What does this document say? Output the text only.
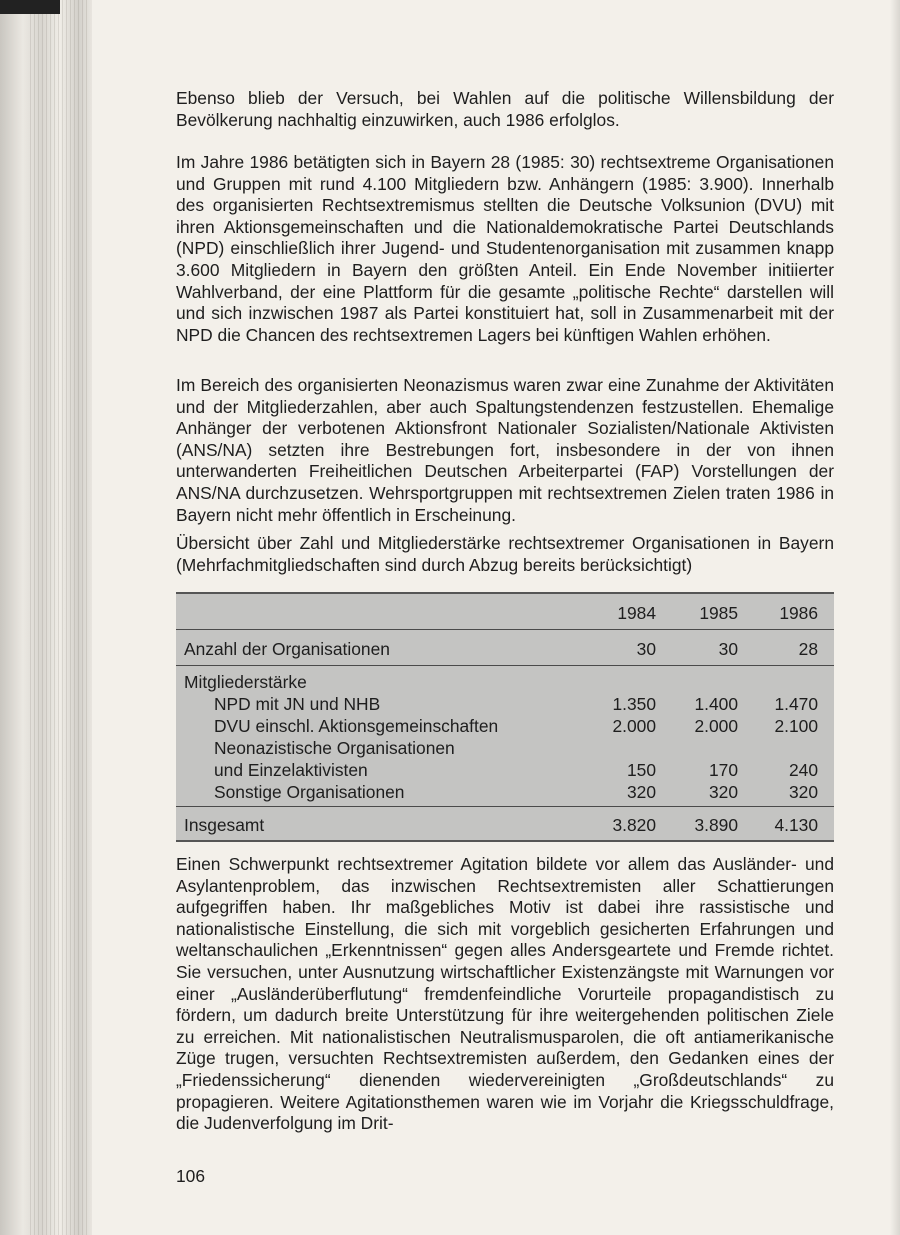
Ebenso blieb der Versuch, bei Wahlen auf die politische Willensbildung der Bevölkerung nachhaltig einzuwirken, auch 1986 erfolglos.

Im Jahre 1986 betätigten sich in Bayern 28 (1985: 30) rechtsextreme Organisationen und Gruppen mit rund 4.100 Mitgliedern bzw. Anhängern (1985: 3.900). Innerhalb des organisierten Rechtsextremismus stellten die Deutsche Volksunion (DVU) mit ihren Aktionsgemeinschaften und die Nationaldemokratische Partei Deutschlands (NPD) einschließlich ihrer Jugend- und Studentenorganisation mit zusammen knapp 3.600 Mitgliedern in Bayern den größten Anteil. Ein Ende November initiierter Wahlverband, der eine Plattform für die gesamte „politische Rechte“ darstellen will und sich inzwischen 1987 als Partei konstituiert hat, soll in Zusammenarbeit mit der NPD die Chancen des rechtsextremen Lagers bei künftigen Wahlen erhöhen.

Im Bereich des organisierten Neonazismus waren zwar eine Zunahme der Aktivitäten und der Mitgliederzahlen, aber auch Spaltungstendenzen festzustellen. Ehemalige Anhänger der verbotenen Aktionsfront Nationaler Sozialisten/Nationale Aktivisten (ANS/NA) setzten ihre Bestrebungen fort, insbesondere in der von ihnen unterwanderten Freiheitlichen Deutschen Arbeiterpartei (FAP) Vorstellungen der ANS/NA durchzusetzen. Wehrsportgruppen mit rechtsextremen Zielen traten 1986 in Bayern nicht mehr öffentlich in Erscheinung.

Übersicht über Zahl und Mitgliederstärke rechtsextremer Organisationen in Bayern (Mehrfachmitgliedschaften sind durch Abzug bereits berücksichtigt)

1984 1985 1986
Anzahl der Organisationen	30	30	28
Mitgliederstärke
NPD mit JN und NHB	1.350 1.400 1.470
DVU einschl. Aktionsgemeinschaften	2.000 2.000 2.100
Neonazistische Organisationen
und Einzelaktivisten	150	170	240
Sonstige Organisationen	320	320	320
Insgesamt	3.820 3.890 4.130

Einen Schwerpunkt rechtsextremer Agitation bildete vor allem das Ausländer- und Asylantenproblem, das inzwischen Rechtsextremisten aller Schattierungen aufgegriffen haben. Ihr maßgebliches Motiv ist dabei ihre rassistische und nationalistische Einstellung, die sich mit vorgeblich gesicherten Erfahrungen und weltanschaulichen „Erkenntnissen“ gegen alles Andersgeartete und Fremde richtet. Sie versuchen, unter Ausnutzung wirtschaftlicher Existenzängste mit Warnungen vor einer „Ausländerüberflutung“ fremdenfeindliche Vorurteile propagandistisch zu fördern, um dadurch breite Unterstützung für ihre weitergehenden politischen Ziele zu erreichen. Mit nationalistischen Neutralismusparolen, die oft antiamerikanische Züge trugen, versuchten Rechtsextremisten außerdem, den Gedanken eines der „Friedenssicherung“ dienenden wiedervereinigten „Großdeutschlands“ zu propagieren. Weitere Agitationsthemen waren wie im Vorjahr die Kriegsschuldfrage, die Judenverfolgung im Drit-

106
